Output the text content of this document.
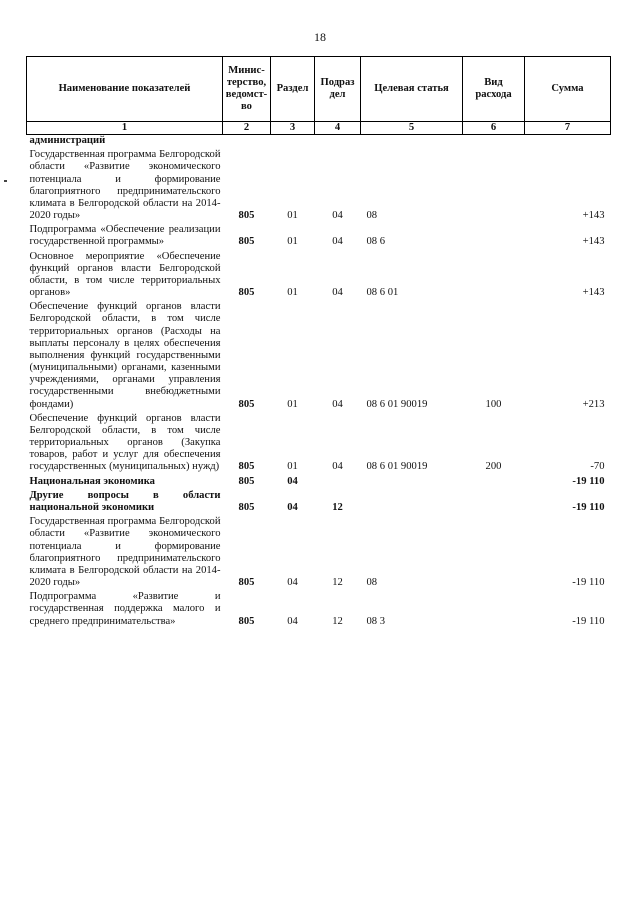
18
Наименование показателей	Минис-терство, ведомст-во	Раздел	Подраз дел	Целевая статья	Вид расхода	Сумма
1	2	3	4	5	6	7
администраций						
Государственная программа Белгородской области «Развитие экономического потенциала и формирование благоприятного предпринимательского климата в Белгородской области на 2014-2020 годы»	805	01	04	08		+143
Подпрограмма «Обеспечение реализации государственной программы»	805	01	04	08 6		+143
Основное мероприятие «Обеспечение функций органов власти Белгородской области, в том числе территориальных органов»	805	01	04	08 6 01		+143
Обеспечение функций органов власти Белгородской области, в том числе территориальных органов (Расходы на выплаты персоналу в целях обеспечения выполнения функций государственными (муниципальными) органами, казенными учреждениями, органами управления государственными внебюджетными фондами)	805	01	04	08 6 01 90019	100	+213
Обеспечение функций органов власти Белгородской области, в том числе территориальных органов (Закупка товаров, работ и услуг для обеспечения государственных (муниципальных) нужд)	805	01	04	08 6 01 90019	200	-70
Национальная экономика	805	04				-19 110
Другие вопросы в области национальной экономики	805	04	12			-19 110
Государственная программа Белгородской области «Развитие экономического потенциала и формирование благоприятного предпринимательского климата в Белгородской области на 2014-2020 годы»	805	04	12	08		-19 110
Подпрограмма «Развитие и государственная поддержка малого и среднего предпринимательства»	805	04	12	08 3		-19 110
